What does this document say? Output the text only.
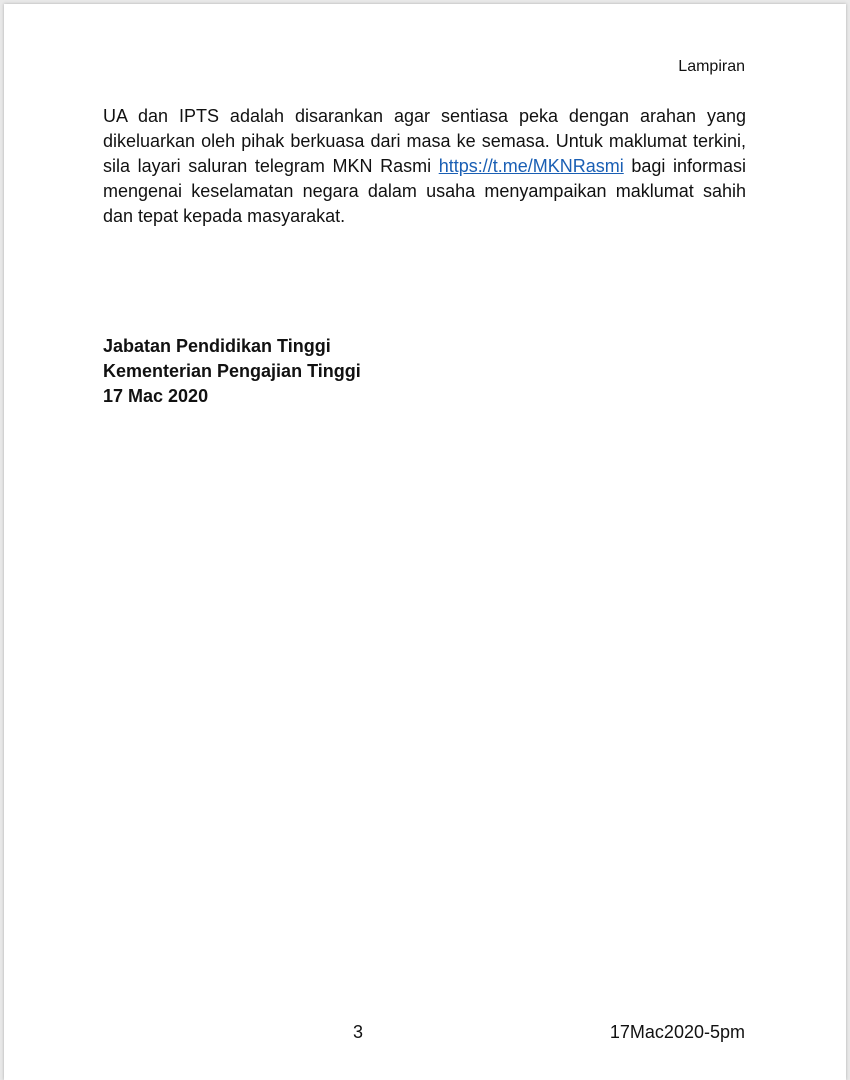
Lampiran

UA dan IPTS adalah disarankan agar sentiasa peka dengan arahan yang dikeluarkan oleh pihak berkuasa dari masa ke semasa. Untuk maklumat terkini, sila layari saluran telegram MKN Rasmi https://t.me/MKNRasmi bagi informasi mengenai keselamatan negara dalam usaha menyampaikan maklumat sahih dan tepat kepada masyarakat.

Jabatan Pendidikan Tinggi
Kementerian Pengajian Tinggi
17 Mac 2020
3	17Mac2020-5pm
